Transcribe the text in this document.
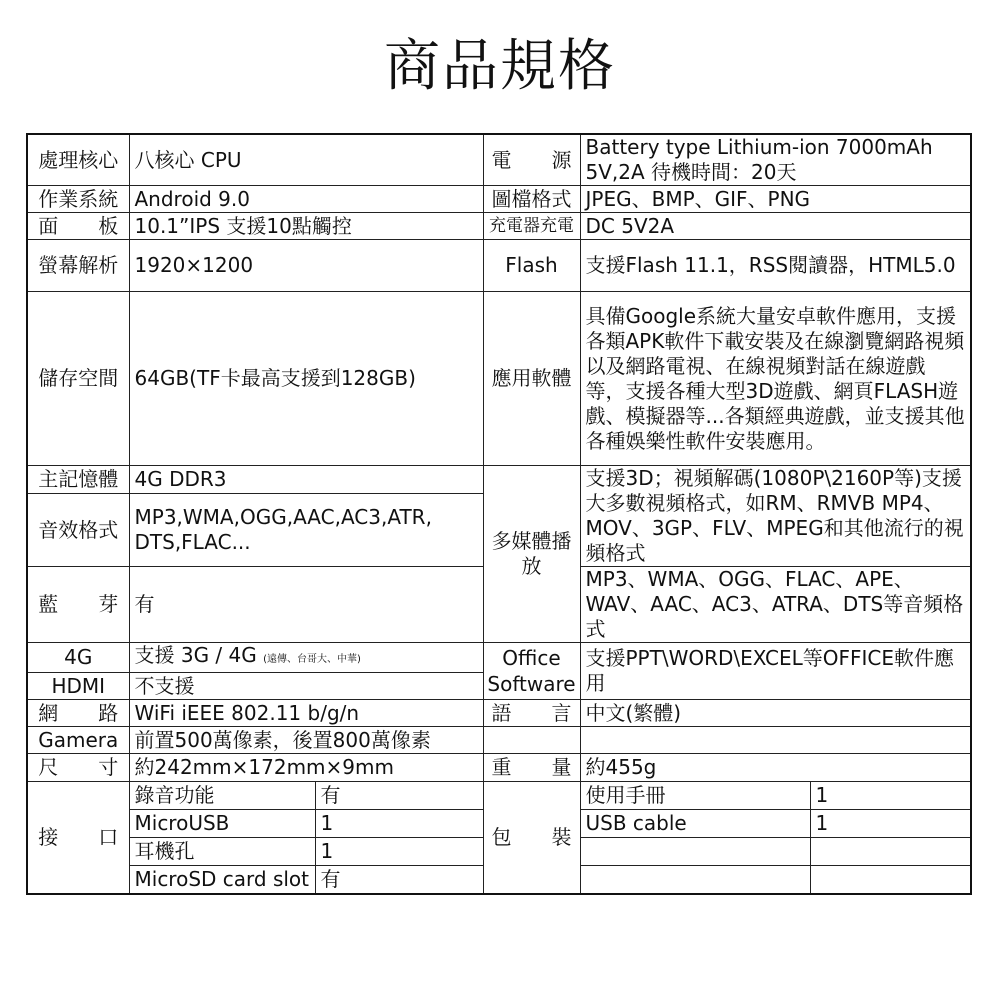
商品規格
處理核心	八核心 CPU		電　　源	Battery type Lithium-ion 7000mAh 5V,2A 待機時間：20天	
作業系統	Android 9.0		圖檔格式	JPEG、BMP、GIF、PNG	
面　　板	10.1”IPS 支援10點觸控		充電器充電	DC 5V2A	
螢幕解析	1920×1200		Flash	支援Flash 11.1，RSS閱讀器，HTML5.0	
儲存空間	64GB(TF卡最高支援到128GB)		應用軟體	具備Google系統大量安卓軟件應用，支援各類APK軟件下載安裝及在線瀏覽網路視頻以及網路電視、在線視頻對話在線遊戲等，支援各種大型3D遊戲、網頁FLASH遊戲、模擬器等...各類經典遊戲，並支援其他各種娛樂性軟件安裝應用。	
主記憶體	4G DDR3		多媒體播放	支援3D；視頻解碼(1080P\2160P等)支援大多數視頻格式，如RM、RMVB MP4、MOV、3GP、FLV、MPEG和其他流行的視頻格式	
音效格式	MP3,WMA,OGG,AAC,AC3,ATR, DTS,FLAC...				
藍　　芽	有			MP3、WMA、OGG、FLAC、APE、WAV、AAC、AC3、ATRA、DTS等音頻格式	
4G	支援 3G / 4G (遠傳、台哥大、中華)		Office Software	支援PPT\WORD\EXCEL等OFFICE軟件應用	
HDMI	不支援				
網　　路	WiFi iEEE 802.11 b/g/n		語　　言	中文(繁體)	
Gamera	前置500萬像素，後置800萬像素				
尺　　寸	約242mm×172mm×9mm		重　　量	約455g	
接　　口	錄音功能	有	包　　裝	使用手冊	1
	MicroUSB	1		USB cable	1
	耳機孔	1			
	MicroSD card slot	有			
